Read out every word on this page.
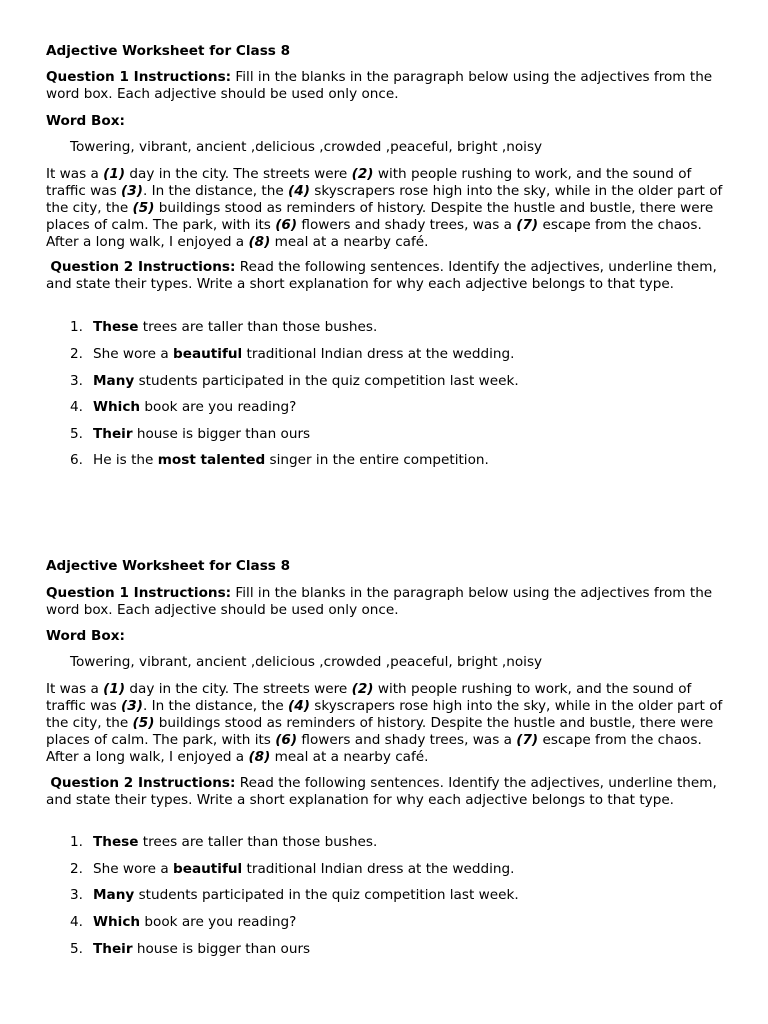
Adjective Worksheet for Class 8
Question 1 Instructions: Fill in the blanks in the paragraph below using the adjectives from the word box. Each adjective should be used only once.
Word Box:
Towering, vibrant, ancient ,delicious ,crowded ,peaceful, bright ,noisy
It was a (1) day in the city. The streets were (2) with people rushing to work, and the sound of traffic was (3). In the distance, the (4) skyscrapers rose high into the sky, while in the older part of the city, the (5) buildings stood as reminders of history. Despite the hustle and bustle, there were places of calm. The park, with its (6) flowers and shady trees, was a (7) escape from the chaos. After a long walk, I enjoyed a (8) meal at a nearby café.
Question 2 Instructions: Read the following sentences. Identify the adjectives, underline them, and state their types. Write a short explanation for why each adjective belongs to that type.
1. These trees are taller than those bushes.
2. She wore a beautiful traditional Indian dress at the wedding.
3. Many students participated in the quiz competition last week.
4. Which book are you reading?
5. Their house is bigger than ours
6. He is the most talented singer in the entire competition.
Adjective Worksheet for Class 8
Question 1 Instructions: Fill in the blanks in the paragraph below using the adjectives from the word box. Each adjective should be used only once.
Word Box:
Towering, vibrant, ancient ,delicious ,crowded ,peaceful, bright ,noisy
It was a (1) day in the city. The streets were (2) with people rushing to work, and the sound of traffic was (3). In the distance, the (4) skyscrapers rose high into the sky, while in the older part of the city, the (5) buildings stood as reminders of history. Despite the hustle and bustle, there were places of calm. The park, with its (6) flowers and shady trees, was a (7) escape from the chaos. After a long walk, I enjoyed a (8) meal at a nearby café.
Question 2 Instructions: Read the following sentences. Identify the adjectives, underline them, and state their types. Write a short explanation for why each adjective belongs to that type.
1. These trees are taller than those bushes.
2. She wore a beautiful traditional Indian dress at the wedding.
3. Many students participated in the quiz competition last week.
4. Which book are you reading?
5. Their house is bigger than ours
